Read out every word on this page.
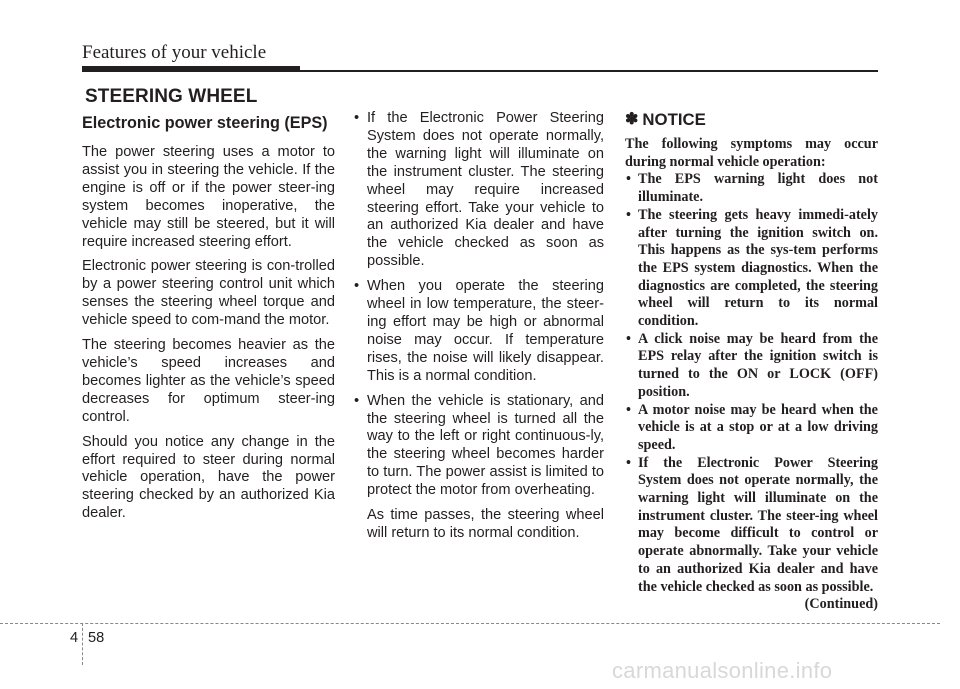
Features of your vehicle
STEERING WHEEL
Electronic power steering (EPS)

The power steering uses a motor to assist you in steering the vehicle. If the engine is off or if the power steer-ing system becomes inoperative, the vehicle may still be steered, but it will require increased steering effort.

Electronic power steering is con-trolled by a power steering control unit which senses the steering wheel torque and vehicle speed to com-mand the motor.

The steering becomes heavier as the vehicle’s speed increases and becomes lighter as the vehicle’s speed decreases for optimum steer-ing control.

Should you notice any change in the effort required to steer during normal vehicle operation, have the power steering checked by an authorized Kia dealer.

• If the Electronic Power Steering System does not operate normally, the warning light will illuminate on the instrument cluster. The steering wheel may require increased steering effort. Take your vehicle to an authorized Kia dealer and have the vehicle checked as soon as possible.

• When you operate the steering wheel in low temperature, the steer-ing effort may be high or abnormal noise may occur. If temperature rises, the noise will likely disappear. This is a normal condition.

• When the vehicle is stationary, and the steering wheel is turned all the way to the left or right continuous-ly, the steering wheel becomes harder to turn. The power assist is limited to protect the motor from overheating.

As time passes, the steering wheel will return to its normal condition.

✽ NOTICE

The following symptoms may occur during normal vehicle operation:

• The EPS warning light does not illuminate.
• The steering gets heavy immedi-ately after turning the ignition switch on. This happens as the sys-tem performs the EPS system diagnostics. When the diagnostics are completed, the steering wheel will return to its normal condition.
• A click noise may be heard from the EPS relay after the ignition switch is turned to the ON or LOCK (OFF) position.
• A motor noise may be heard when the vehicle is at a stop or at a low driving speed.
• If the Electronic Power Steering System does not operate normally, the warning light will illuminate on the instrument cluster. The steer-ing wheel may become difficult to control or operate abnormally. Take your vehicle to an authorized Kia dealer and have the vehicle checked as soon as possible.
(Continued)
4 58
carmanualsonline.info
